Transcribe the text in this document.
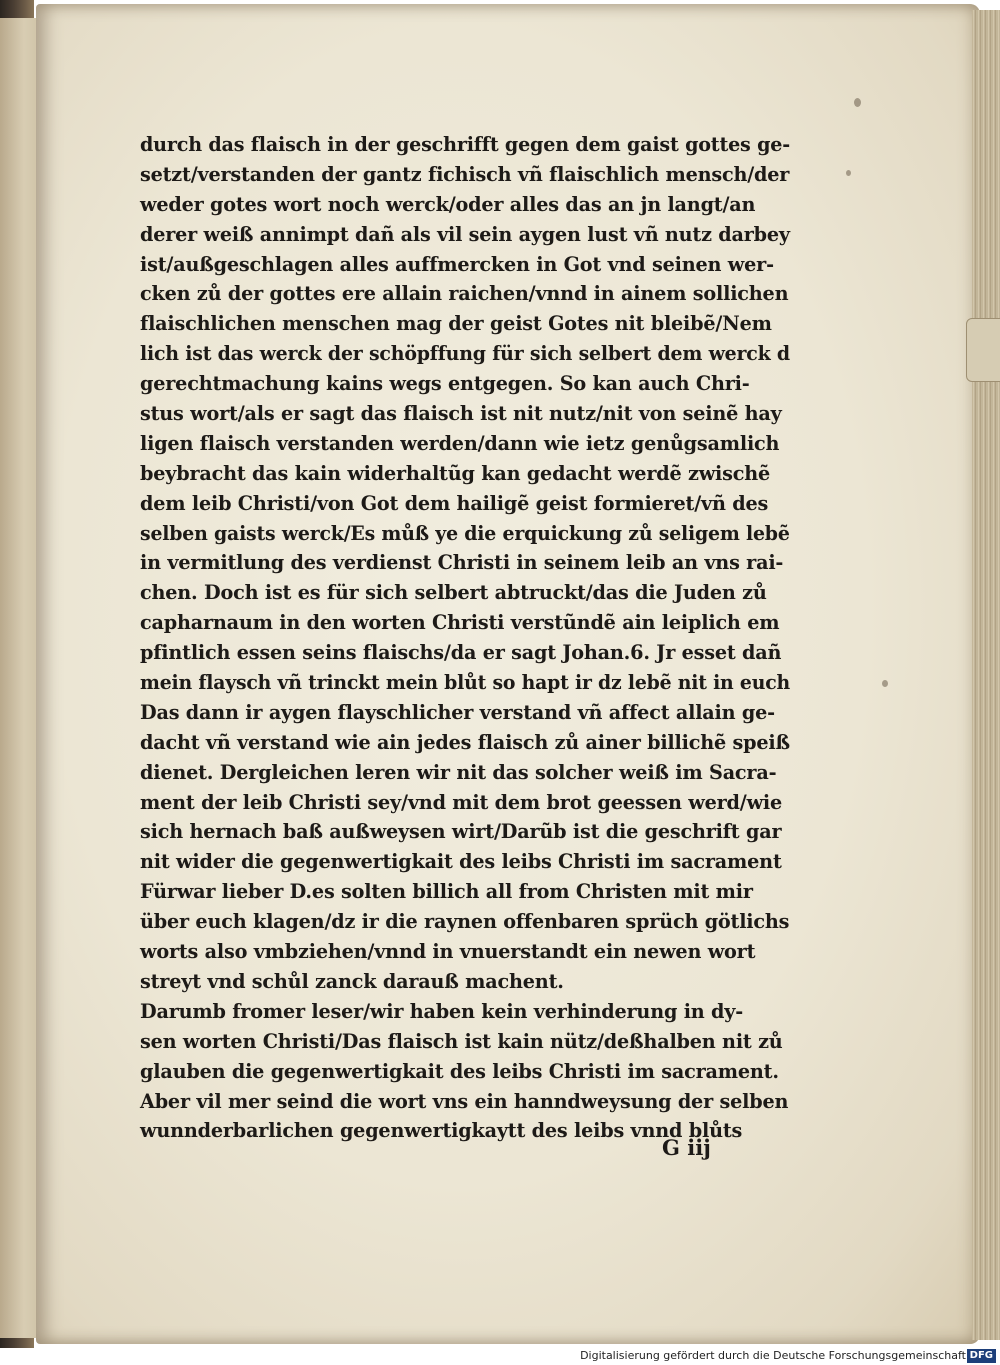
durch das flaisch in der geschrifft gegen dem gaist gottes ge-
setzt/verstanden der gantz fichisch vñ flaischlich mensch/der
weder gotes wort noch werck/oder alles das an jn langt/an
derer weiß annimpt dañ als vil sein aygen lust vñ nutz darbey
ist/außgeschlagen alles auffmercken in Got vnd seinen wer-
cken zů der gottes ere allain raichen/vnnd in ainem sollichen
flaischlichen menschen mag der geist Gotes nit bleibẽ/Nem
lich ist das werck der schöpffung für sich selbert dem werck d
gerechtmachung kains wegs entgegen. So kan auch Chri-
stus wort/als er sagt das flaisch ist nit nutz/nit von seinẽ hay
ligen flaisch verstanden werden/dann wie ietz genůgsamlich
beybracht das kain widerhaltũg kan gedacht werdẽ zwischẽ
dem leib Christi/von Got dem hailigẽ geist formieret/vñ des
selben gaists werck/Es můß ye die erquickung zů seligem lebẽ
in vermitlung des verdienst Christi in seinem leib an vns rai-
chen. Doch ist es für sich selbert abtruckt/das die Juden zů
capharnaum in den worten Christi verstũndẽ ain leiplich em
pfintlich essen seins flaischs/da er sagt Johan.6. Jr esset dañ
mein flaysch vñ trinckt mein blůt so hapt ir dz lebẽ nit in euch
Das dann ir aygen flayschlicher verstand vñ affect allain ge-
dacht vñ verstand wie ain jedes flaisch zů ainer billichẽ speiß
dienet. Dergleichen leren wir nit das solcher weiß im Sacra-
ment der leib Christi sey/vnd mit dem brot geessen werd/wie
sich hernach baß außweysen wirt/Darũb ist die geschrift gar
nit wider die gegenwertigkait des leibs Christi im sacrament
Fürwar lieber D.es solten billich all from Christen mit mir
über euch klagen/dz ir die raynen offenbaren sprüch götlichs
worts also vmbziehen/vnnd in vnuerstandt ein newen wort
streyt vnd schůl zanck darauß machent.
Darumb fromer leser/wir haben kein verhinderung in dy-
sen worten Christi/Das flaisch ist kain nütz/deßhalben nit zů
glauben die gegenwertigkait des leibs Christi im sacrament.
Aber vil mer seind die wort vns ein hanndweysung der selben
wunnderbarlichen gegenwertigkaytt des leibs vnnd blůts
G iij
Digitalisierung gefördert durch die Deutsche Forschungsgemeinschaft DFG
